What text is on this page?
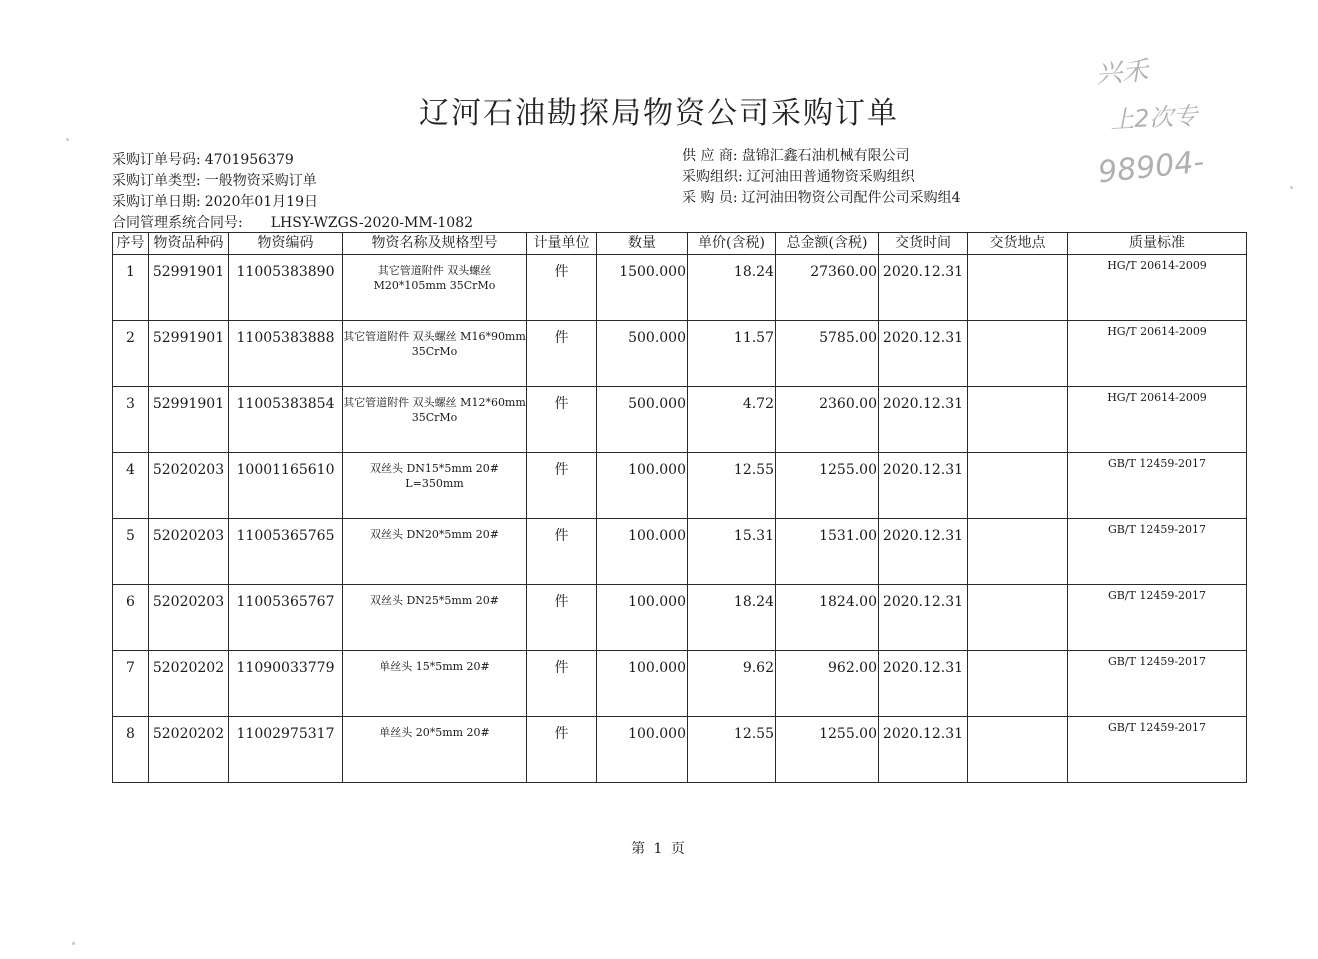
兴禾
上2次专
98904-
辽河石油勘探局物资公司采购订单
采购订单号码: 4701956379
采购订单类型: 一般物资采购订单
采购订单日期: 2020年01月19日
合同管理系统合同号: LHSY-WZGS-2020-MM-1082
供 应 商: 盘锦汇鑫石油机械有限公司
采购组织: 辽河油田普通物资采购组织
采 购 员: 辽河油田物资公司配件公司采购组4
序号	物资品种码	物资编码	物资名称及规格型号	计量单位	数量	单价(含税)	总金额(含税)	交货时间	交货地点	质量标准

1	52991901	11005383890	其它管道附件 双头螺丝 M20*105mm 35CrMo	件	1500.000	18.24	27360.00	2020.12.31		HG/T 20614-2009

2	52991901	11005383888	其它管道附件 双头螺丝 M16*90mm 35CrMo	件	500.000	11.57	5785.00	2020.12.31		HG/T 20614-2009

3	52991901	11005383854	其它管道附件 双头螺丝 M12*60mm 35CrMo	件	500.000	4.72	2360.00	2020.12.31		HG/T 20614-2009

4	52020203	10001165610	双丝头 DN15*5mm 20# L=350mm	件	100.000	12.55	1255.00	2020.12.31		GB/T 12459-2017

5	52020203	11005365765	双丝头 DN20*5mm 20#	件	100.000	15.31	1531.00	2020.12.31		GB/T 12459-2017

6	52020203	11005365767	双丝头 DN25*5mm 20#	件	100.000	18.24	1824.00	2020.12.31		GB/T 12459-2017

7	52020202	11090033779	单丝头 15*5mm 20#	件	100.000	9.62	962.00	2020.12.31		GB/T 12459-2017

8	52020202	11002975317	单丝头 20*5mm 20#	件	100.000	12.55	1255.00	2020.12.31		GB/T 12459-2017
第 1 页
